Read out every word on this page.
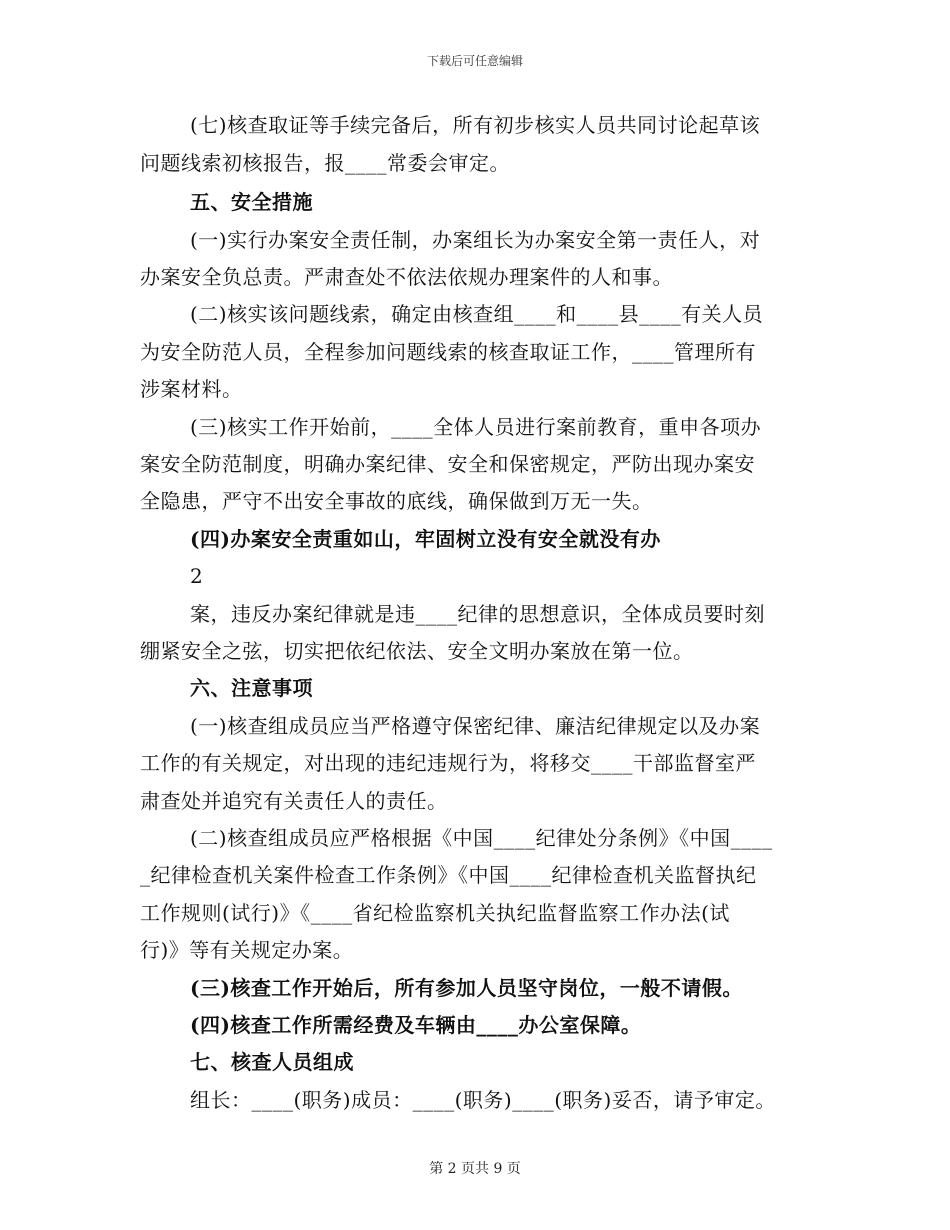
下载后可任意编辑
(七)核查取证等手续完备后，所有初步核实人员共同讨论起草该
问题线索初核报告，报____常委会审定。
五、安全措施
(一)实行办案安全责任制，办案组长为办案安全第一责任人，对
办案安全负总责。严肃查处不依法依规办理案件的人和事。
(二)核实该问题线索，确定由核查组____和____县____有关人员
为安全防范人员，全程参加问题线索的核查取证工作，____管理所有
涉案材料。
(三)核实工作开始前，____全体人员进行案前教育，重申各项办
案安全防范制度，明确办案纪律、安全和保密规定，严防出现办案安
全隐患，严守不出安全事故的底线，确保做到万无一失。
(四)办案安全责重如山，牢固树立没有安全就没有办
2
案，违反办案纪律就是违____纪律的思想意识，全体成员要时刻
绷紧安全之弦，切实把依纪依法、安全文明办案放在第一位。
六、注意事项
(一)核查组成员应当严格遵守保密纪律、廉洁纪律规定以及办案
工作的有关规定，对出现的违纪违规行为，将移交____干部监督室严
肃查处并追究有关责任人的责任。
(二)核查组成员应严格根据《中国____纪律处分条例》《中国____
_纪律检查机关案件检查工作条例》《中国____纪律检查机关监督执纪
工作规则(试行)》《____省纪检监察机关执纪监督监察工作办法(试
行)》等有关规定办案。
(三)核查工作开始后，所有参加人员坚守岗位，一般不请假。
(四)核查工作所需经费及车辆由____办公室保障。
七、核查人员组成
组长：____(职务)成员：____(职务)____(职务)妥否，请予审定。
第 2 页共 9 页
